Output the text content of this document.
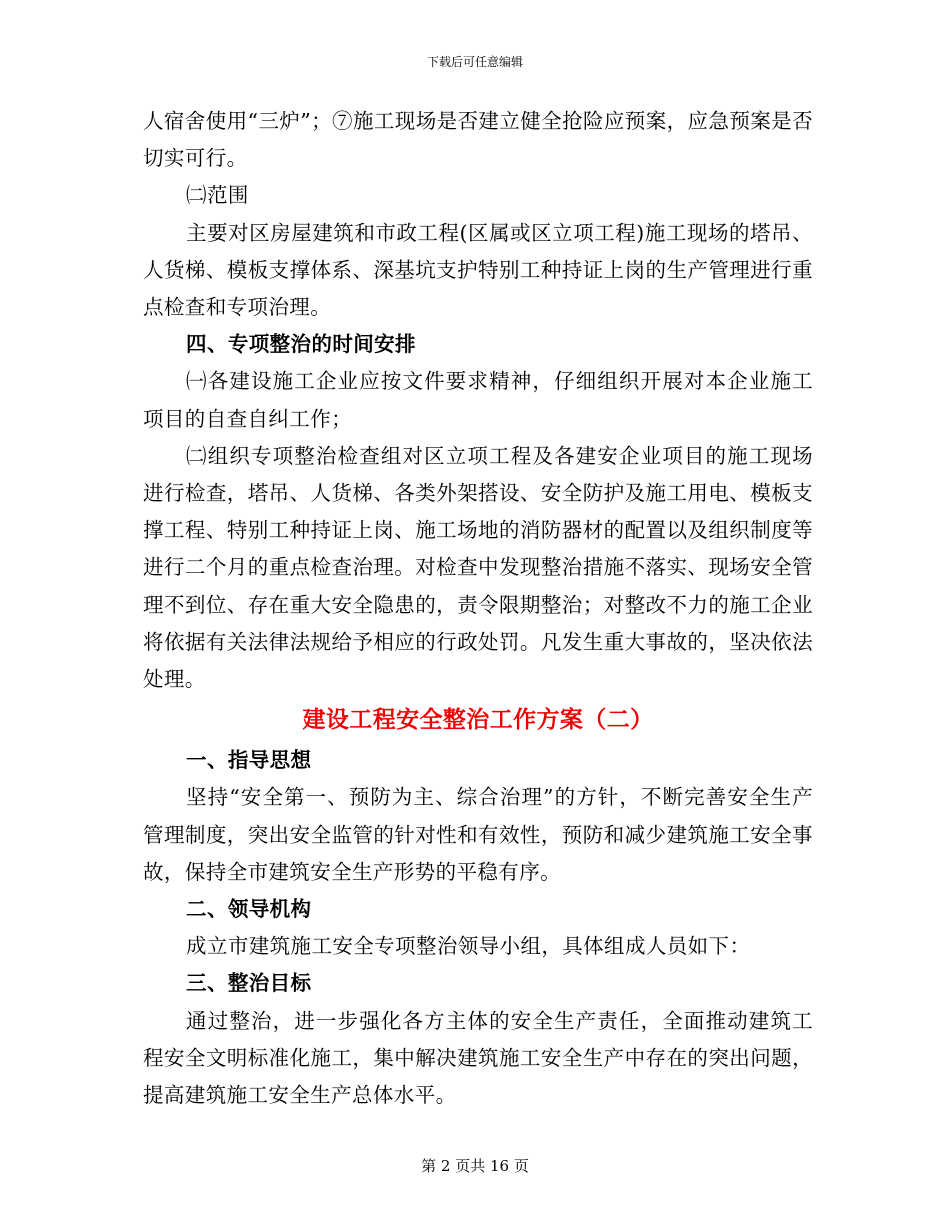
下载后可任意编辑

人宿舍使用“三炉”；⑦施工现场是否建立健全抢险应预案，应急预案是否切实可行。

㈡范围

主要对区房屋建筑和市政工程(区属或区立项工程)施工现场的塔吊、人货梯、模板支撑体系、深基坑支护特别工种持证上岗的生产管理进行重点检查和专项治理。

四、专项整治的时间安排

㈠各建设施工企业应按文件要求精神，仔细组织开展对本企业施工项目的自查自纠工作；

㈡组织专项整治检查组对区立项工程及各建安企业项目的施工现场进行检查，塔吊、人货梯、各类外架搭设、安全防护及施工用电、模板支撑工程、特别工种持证上岗、施工场地的消防器材的配置以及组织制度等进行二个月的重点检查治理。对检查中发现整治措施不落实、现场安全管理不到位、存在重大安全隐患的，责令限期整治；对整改不力的施工企业将依据有关法律法规给予相应的行政处罚。凡发生重大事故的，坚决依法处理。

建设工程安全整治工作方案（二）

一、指导思想

坚持“安全第一、预防为主、综合治理”的方针，不断完善安全生产管理制度，突出安全监管的针对性和有效性，预防和减少建筑施工安全事故，保持全市建筑安全生产形势的平稳有序。

二、领导机构

成立市建筑施工安全专项整治领导小组，具体组成人员如下：

三、整治目标

通过整治，进一步强化各方主体的安全生产责任，全面推动建筑工程安全文明标准化施工，集中解决建筑施工安全生产中存在的突出问题，提高建筑施工安全生产总体水平。

第 2 页共 16 页
